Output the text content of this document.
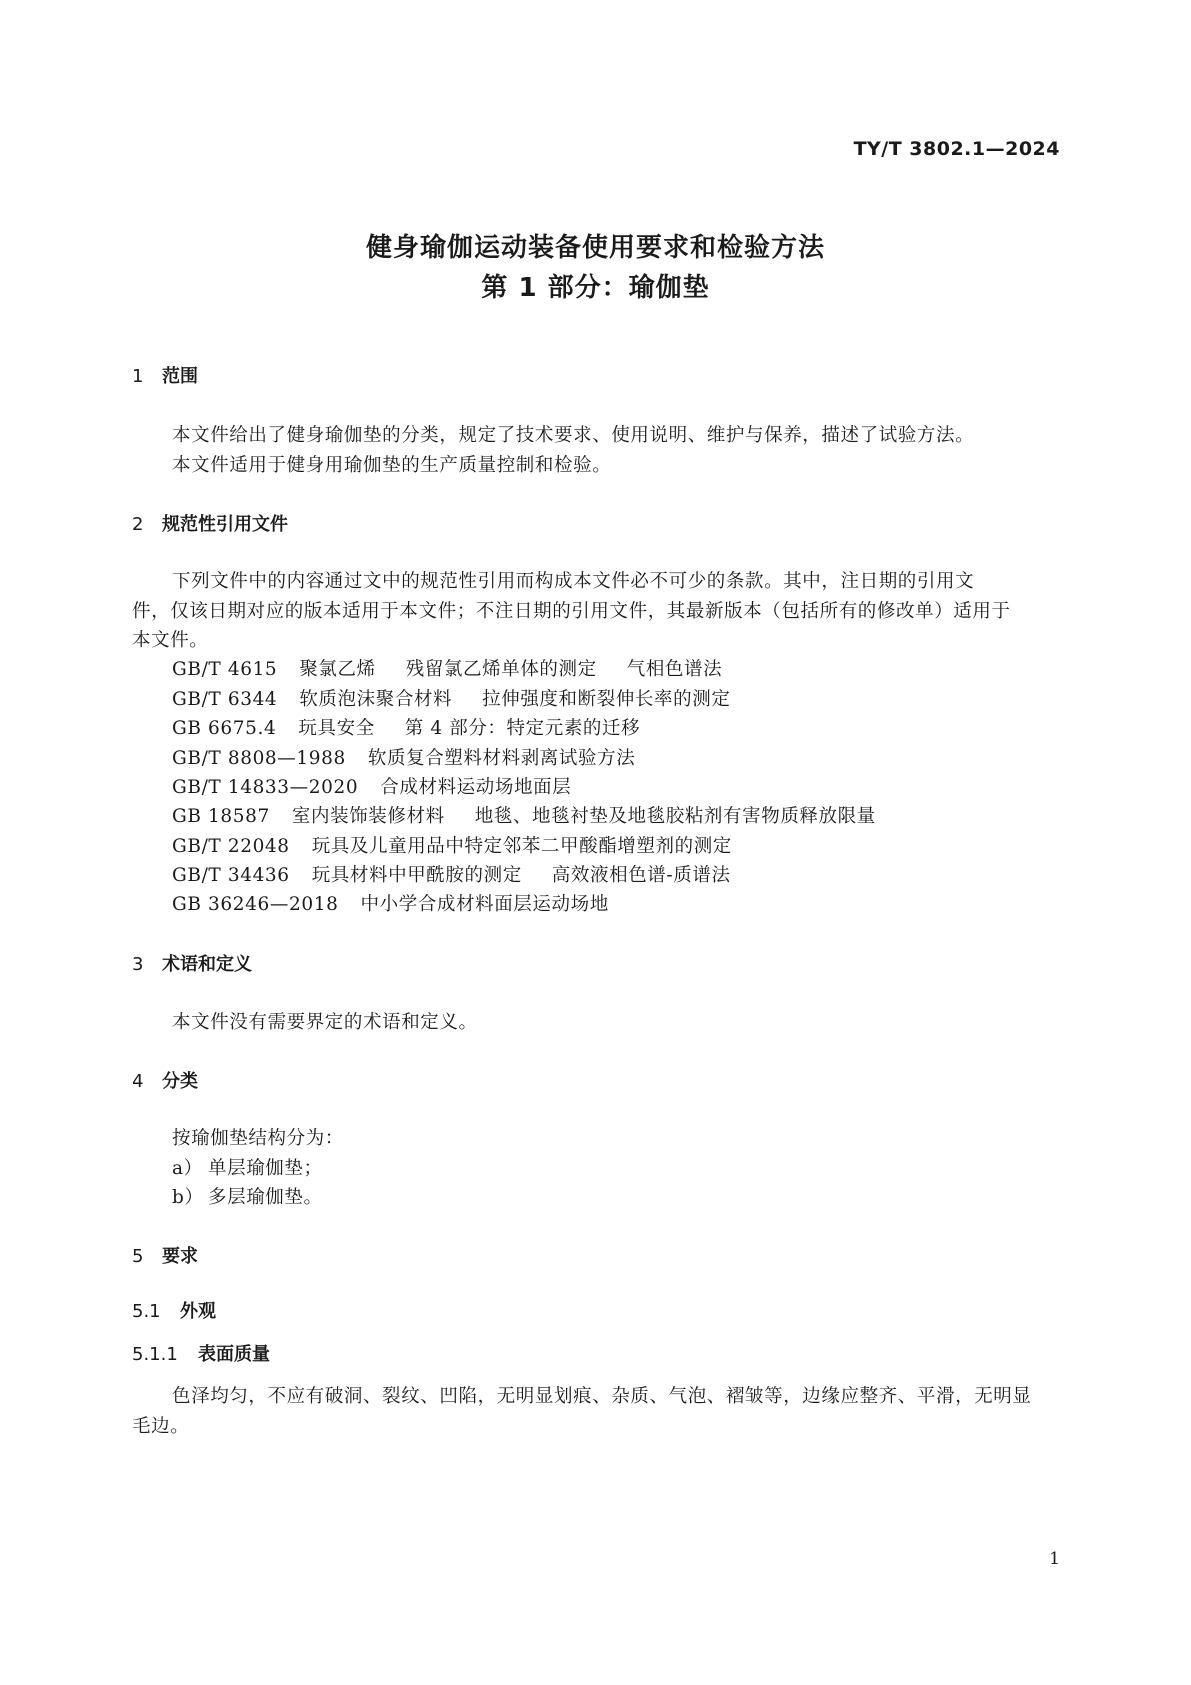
TY/T 3802.1—2024
健身瑜伽运动装备使用要求和检验方法
第 1 部分：瑜伽垫
1 范围
本文件给出了健身瑜伽垫的分类，规定了技术要求、使用说明、维护与保养，描述了试验方法。
本文件适用于健身用瑜伽垫的生产质量控制和检验。
2 规范性引用文件
下列文件中的内容通过文中的规范性引用而构成本文件必不可少的条款。其中，注日期的引用文
件，仅该日期对应的版本适用于本文件；不注日期的引用文件，其最新版本（包括所有的修改单）适用于
本文件。
GB/T 4615 聚氯乙烯 残留氯乙烯单体的测定 气相色谱法
GB/T 6344 软质泡沫聚合材料 拉伸强度和断裂伸长率的测定
GB 6675.4 玩具安全 第 4 部分：特定元素的迁移
GB/T 8808—1988 软质复合塑料材料剥离试验方法
GB/T 14833—2020 合成材料运动场地面层
GB 18587 室内装饰装修材料 地毯、地毯衬垫及地毯胶粘剂有害物质释放限量
GB/T 22048 玩具及儿童用品中特定邻苯二甲酸酯增塑剂的测定
GB/T 34436 玩具材料中甲酰胺的测定 高效液相色谱-质谱法
GB 36246—2018 中小学合成材料面层运动场地
3 术语和定义
本文件没有需要界定的术语和定义。
4 分类
按瑜伽垫结构分为：
a） 单层瑜伽垫；
b） 多层瑜伽垫。
5 要求
5.1 外观
5.1.1 表面质量
色泽均匀，不应有破洞、裂纹、凹陷，无明显划痕、杂质、气泡、褶皱等，边缘应整齐、平滑，无明显
毛边。
1
